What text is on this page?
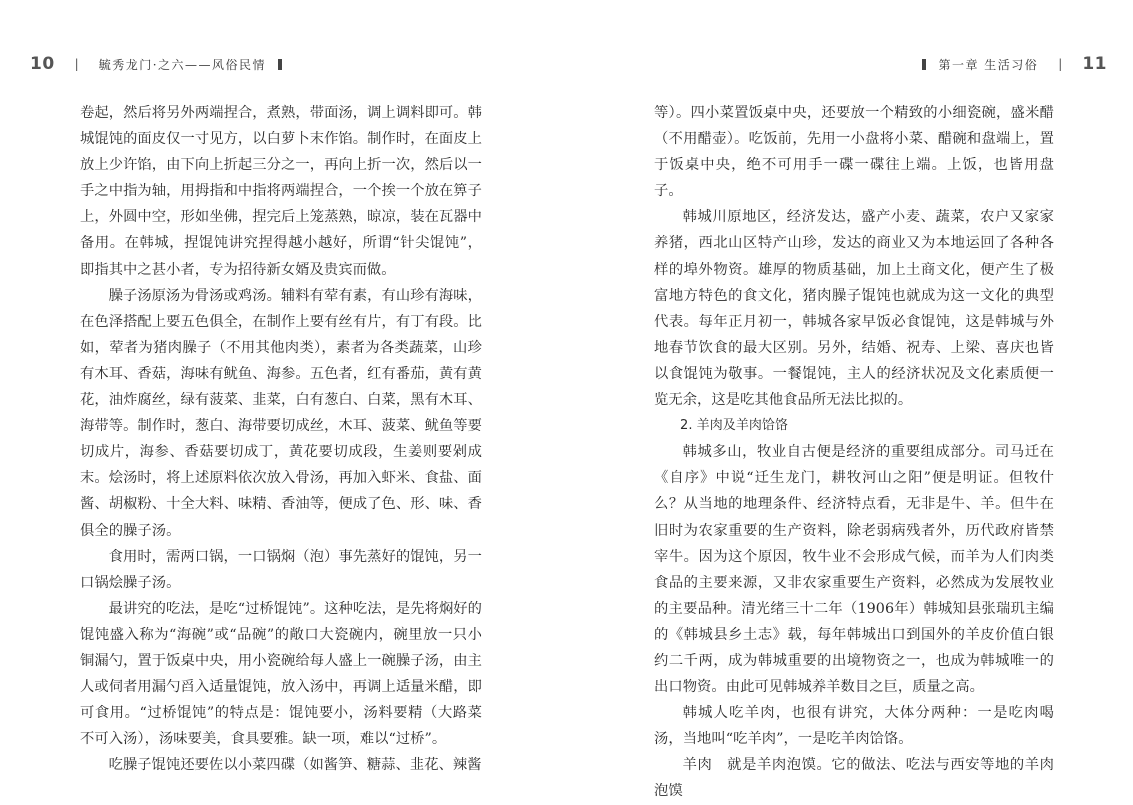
10 | 毓秀龙门·之六——风俗民情	第一章 生活习俗 | 11

卷起，然后将另外两端捏合，煮熟，带面汤，调上调料即可。韩城馄饨的面皮仅一寸见方，以白萝卜末作馅。制作时，在面皮上放上少许馅，由下向上折起三分之一，再向上折一次，然后以一手之中指为轴，用拇指和中指将两端捏合，一个挨一个放在箅子上，外圆中空，形如坐佛，捏完后上笼蒸熟，晾凉，装在瓦器中备用。在韩城，捏馄饨讲究捏得越小越好，所谓“针尖馄饨”，即指其中之甚小者，专为招待新女婿及贵宾而做。

臊子汤原汤为骨汤或鸡汤。辅料有荤有素，有山珍有海味，在色泽搭配上要五色俱全，在制作上要有丝有片，有丁有段。比如，荤者为猪肉臊子（不用其他肉类），素者为各类蔬菜，山珍有木耳、香菇，海味有鱿鱼、海参。五色者，红有番茄，黄有黄花，油炸腐丝，绿有菠菜、韭菜，白有葱白、白菜，黑有木耳、海带等。制作时，葱白、海带要切成丝，木耳、菠菜、鱿鱼等要切成片，海参、香菇要切成丁，黄花要切成段，生姜则要剁成末。烩汤时，将上述原料依次放入骨汤，再加入虾米、食盐、面酱、胡椒粉、十全大料、味精、香油等，便成了色、形、味、香俱全的臊子汤。

食用时，需两口锅，一口锅焖（泡）事先蒸好的馄饨，另一口锅烩臊子汤。

最讲究的吃法，是吃“过桥馄饨”。这种吃法，是先将焖好的馄饨盛入称为“海碗”或“品碗”的敞口大瓷碗内，碗里放一只小铜漏勺，置于饭桌中央，用小瓷碗给每人盛上一碗臊子汤，由主人或伺者用漏勺舀入适量馄饨，放入汤中，再调上适量米醋，即可食用。“过桥馄饨”的特点是：馄饨要小，汤料要精（大路菜不可入汤），汤味要美，食具要雅。缺一项，难以“过桥”。

吃臊子馄饨还要佐以小菜四碟（如酱笋、糖蒜、韭花、辣酱

等）。四小菜置饭桌中央，还要放一个精致的小细瓷碗，盛米醋（不用醋壶）。吃饭前，先用一小盘将小菜、醋碗和盘端上，置于饭桌中央，绝不可用手一碟一碟往上端。上饭，也皆用盘子。

韩城川原地区，经济发达，盛产小麦、蔬菜，农户又家家养猪，西北山区特产山珍，发达的商业又为本地运回了各种各样的埠外物资。雄厚的物质基础，加上土商文化，便产生了极富地方特色的食文化，猪肉臊子馄饨也就成为这一文化的典型代表。每年正月初一，韩城各家早饭必食馄饨，这是韩城与外地春节饮食的最大区别。另外，结婚、祝寿、上梁、喜庆也皆以食馄饨为敬事。一餐馄饨，主人的经济状况及文化素质便一览无余，这是吃其他食品所无法比拟的。

2. 羊肉及羊肉饸饹

韩城多山，牧业自古便是经济的重要组成部分。司马迁在《自序》中说“迁生龙门，耕牧河山之阳”便是明证。但牧什么？从当地的地理条件、经济特点看，无非是牛、羊。但牛在旧时为农家重要的生产资料，除老弱病残者外，历代政府皆禁宰牛。因为这个原因，牧牛业不会形成气候，而羊为人们肉类食品的主要来源，又非农家重要生产资料，必然成为发展牧业的主要品种。清光绪三十二年（1906年）韩城知县张瑞玑主编的《韩城县乡土志》载，每年韩城出口到国外的羊皮价值白银约二千两，成为韩城重要的出境物资之一，也成为韩城唯一的出口物资。由此可见韩城养羊数目之巨，质量之高。

韩城人吃羊肉，也很有讲究，大体分两种：一是吃肉喝汤，当地叫“吃羊肉”，一是吃羊肉饸饹。

羊肉　就是羊肉泡馍。它的做法、吃法与西安等地的羊肉泡馍
